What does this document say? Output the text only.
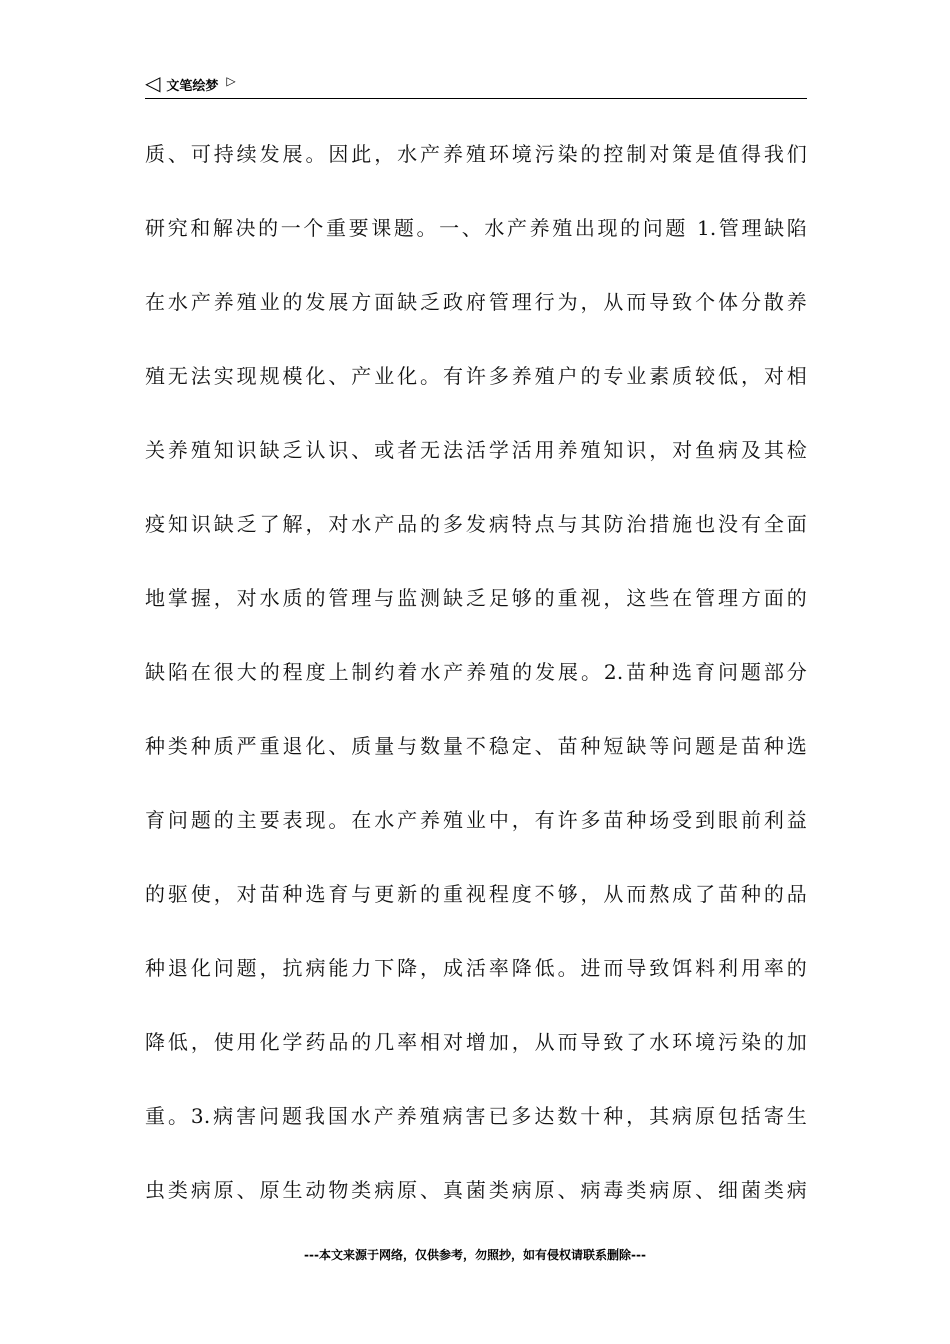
◁ 文笔绘梦 ▷
质、可持续发展。因此，水产养殖环境污染的控制对策是值得我们
研究和解决的一个重要课题。一、水产养殖出现的问题 1.管理缺陷
在水产养殖业的发展方面缺乏政府管理行为，从而导致个体分散养
殖无法实现规模化、产业化。有许多养殖户的专业素质较低，对相
关养殖知识缺乏认识、或者无法活学活用养殖知识，对鱼病及其检
疫知识缺乏了解，对水产品的多发病特点与其防治措施也没有全面
地掌握，对水质的管理与监测缺乏足够的重视，这些在管理方面的
缺陷在很大的程度上制约着水产养殖的发展。2.苗种选育问题部分
种类种质严重退化、质量与数量不稳定、苗种短缺等问题是苗种选
育问题的主要表现。在水产养殖业中，有许多苗种场受到眼前利益
的驱使，对苗种选育与更新的重视程度不够，从而熬成了苗种的品
种退化问题，抗病能力下降，成活率降低。进而导致饵料利用率的
降低，使用化学药品的几率相对增加，从而导致了水环境污染的加
重。3.病害问题我国水产养殖病害已多达数十种，其病原包括寄生
虫类病原、原生动物类病原、真菌类病原、病毒类病原、细菌类病
---本文来源于网络，仅供参考，勿照抄，如有侵权请联系删除---
